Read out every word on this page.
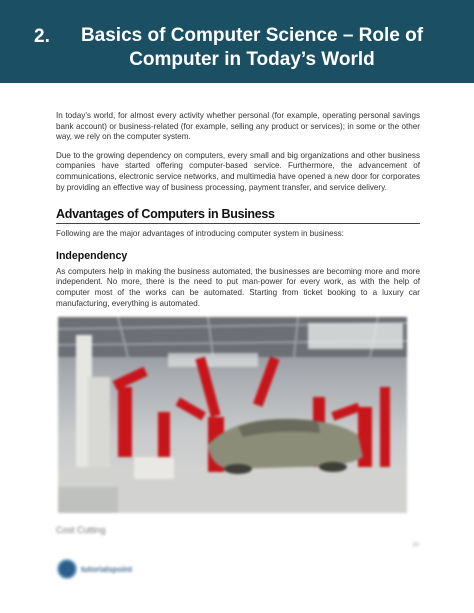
2.	Basics of Computer Science – Role of Computer in Today’s World

In today’s world, for almost every activity whether personal (for example, operating personal savings bank account) or business-related (for example, selling any product or services); in some or the other way, we rely on the computer system.

Due to the growing dependency on computers, every small and big organizations and other business companies have started offering computer-based service. Furthermore, the advancement of communications, electronic service networks, and multimedia have opened a new door for corporates by providing an effective way of business processing, payment transfer, and service delivery.

Advantages of Computers in Business

Following are the major advantages of introducing computer system in business:

Independency

As computers help in making the business automated, the businesses are becoming more and more independent. No more, there is the need to put man-power for every work, as with the help of computer most of the works can be automated. Starting from ticket booking to a luxury car manufacturing, everything is automated.

Cost Cutting
10
tutorialspoint
